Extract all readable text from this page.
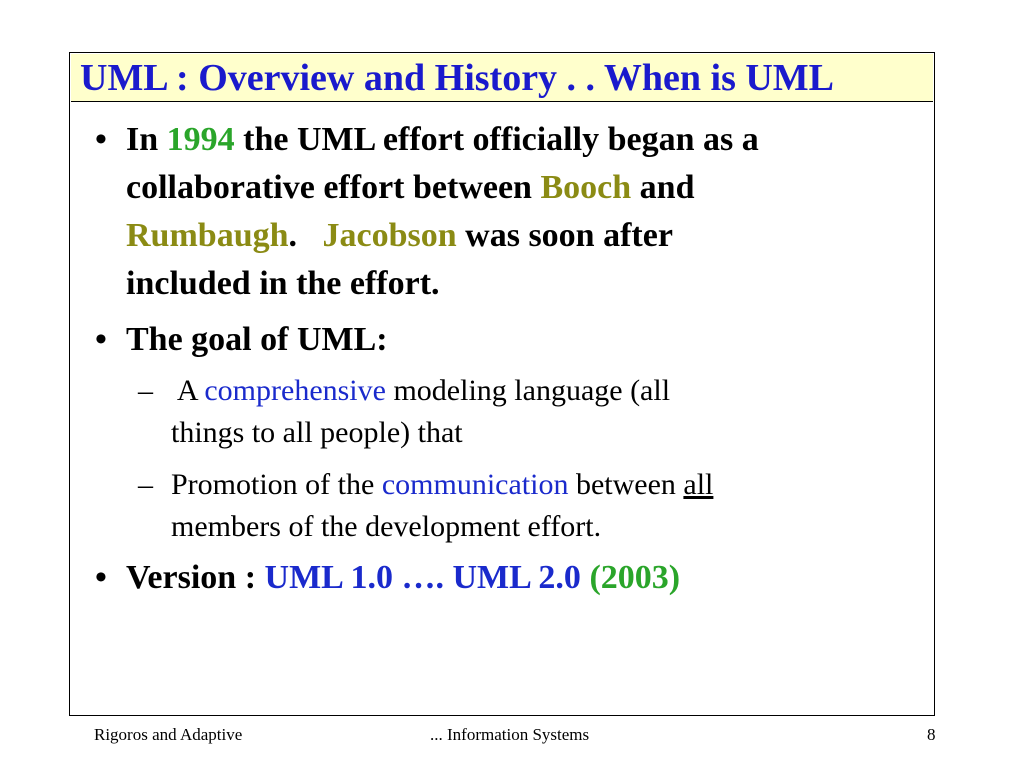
UML : Overview and History . . When is UML
• In 1994 the UML effort officially began as a
collaborative effort between Booch and
Rumbaugh.   Jacobson was soon after
included in the effort.
• The goal of UML:
–  A comprehensive modeling language (all
things to all people) that
– Promotion of the communication between all
members of the development effort.
• Version : UML 1.0 …. UML 2.0 (2003)
Rigoros and Adaptive	... Information Systems	8
